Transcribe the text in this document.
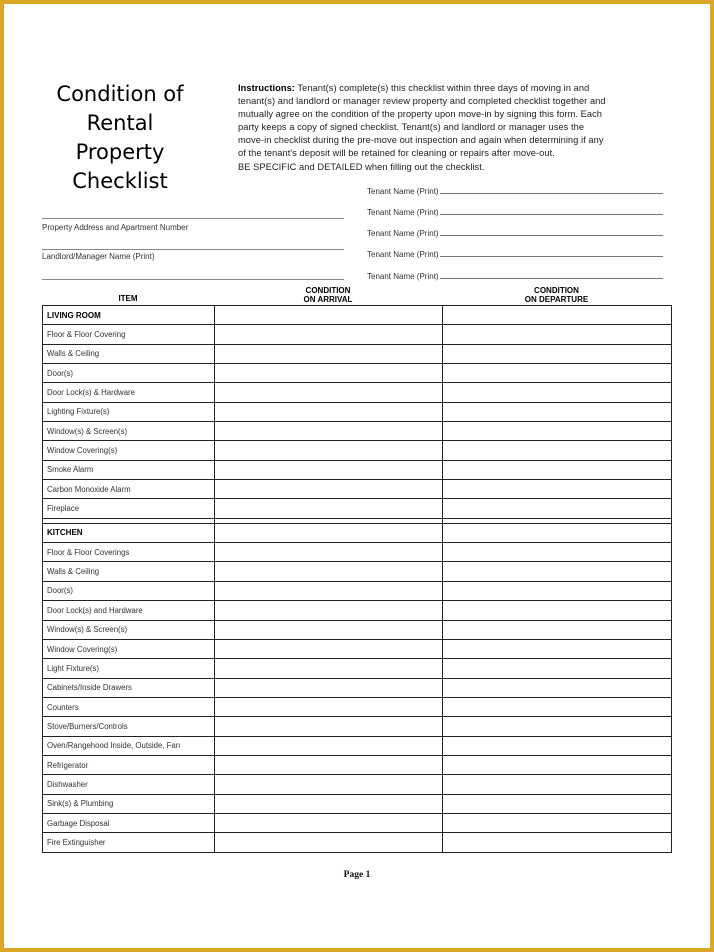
Condition of
Rental
Property
Checklist
Instructions: Tenant(s) complete(s) this checklist within three days of moving in and
tenant(s) and landlord or manager review property and completed checklist together and
mutually agree on the condition of the property upon move-in by signing this form. Each
party keeps a copy of signed checklist. Tenant(s) and landlord or manager uses the
move-in checklist during the pre-move out inspection and again when determining if any
of the tenant's deposit will be retained for cleaning or repairs after move-out.
BE SPECIFIC and DETAILED when filling out the checklist.
Tenant Name (Print)
Tenant Name (Print)
Tenant Name (Print)
Tenant Name (Print)
Tenant Name (Print)
Property Address and Apartment Number
Landlord/Manager Name (Print)
ITEM
CONDITION
ON ARRIVAL
CONDITION
ON DEPARTURE
LIVING ROOM		
Floor & Floor Covering		
Walls & Ceiling		
Door(s)		
Door Lock(s) & Hardware		
Lighting Fixture(s)		
Window(s) & Screen(s)		
Window Covering(s)		
Smoke Alarm		
Carbon Monoxide Alarm		
Fireplace		

KITCHEN		
Floor & Floor Coverings		
Walls & Ceiling		
Door(s)		
Door Lock(s) and Hardware		
Window(s) & Screen(s)		
Window Covering(s)		
Light Fixture(s)		
Cabinets/Inside Drawers		
Counters		
Stove/Burners/Controls		
Oven/Rangehood Inside, Outside, Fan		
Refrigerator		
Dishwasher		
Sink(s) & Plumbing		
Garbage Disposal		
Fire Extinguisher		
Page 1
